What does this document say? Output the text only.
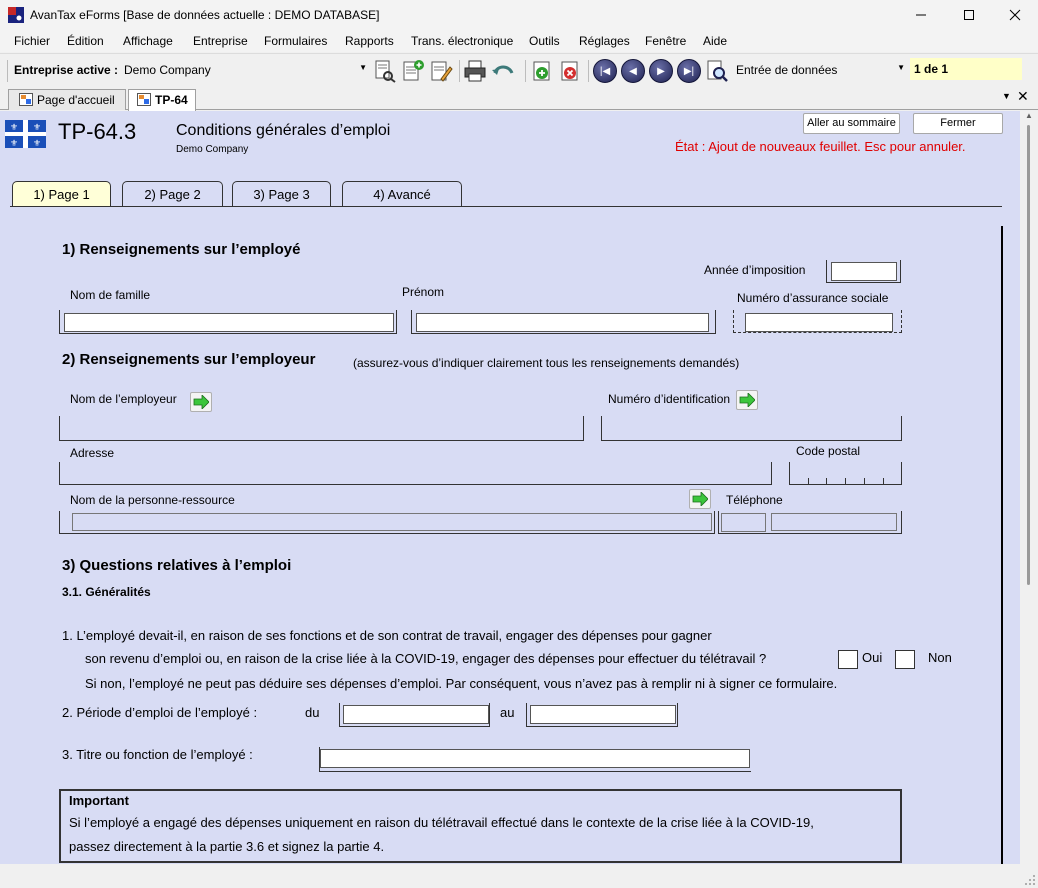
AvanTax eForms [Base de données actuelle : DEMO DATABASE]
Fichier Édition Affichage Entreprise Formulaires Rapports Trans. électronique Outils Réglages Fenêtre Aide
Entreprise active : Demo Company	▼	|◀ ◀ ▶ ▶|	Entrée de données	▼ 1 de 1
Page d'accueil	TP-64	▼ ✕
⚜ ⚜
⚜ ⚜ TP-64.3 Conditions générales d’emploi
Demo Company
Aller au sommaire	Fermer
État : Ajout de nouveaux feuillet. Esc pour annuler.
1) Page 1	2) Page 2	3) Page 3	4) Avancé
1) Renseignements sur l’employé
Année d’imposition
Nom de famille	Prénom	Numéro d’assurance sociale
2) Renseignements sur l’employeur	(assurez-vous d’indiquer clairement tous les renseignements demandés)
Nom de l’employeur	Numéro d’identification
Adresse	Code postal
Nom de la personne-ressource	Téléphone
3) Questions relatives à l’emploi
3.1. Généralités
1. L’employé devait-il, en raison de ses fonctions et de son contrat de travail, engager des dépenses pour gagner
son revenu d’emploi ou, en raison de la crise liée à la COVID-19, engager des dépenses pour effectuer du télétravail ?	Oui	Non
Si non, l’employé ne peut pas déduire ses dépenses d’emploi. Par conséquent, vous n’avez pas à remplir ni à signer ce formulaire.
2. Période d’emploi de l’employé :	du	au
3. Titre ou fonction de l’employé :
Important
Si l’employé a engagé des dépenses uniquement en raison du télétravail effectué dans le contexte de la crise liée à la COVID-19,
passez directement à la partie 3.6 et signez la partie 4.
▲
